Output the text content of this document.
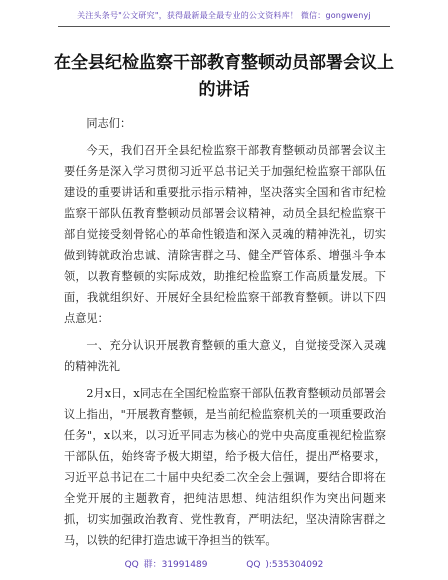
关注头条号"公文研究"，获得最新最全最专业的公文资料库！ 微信：gongwenyj
在全县纪检监察干部教育整顿动员部署会议上
的讲话

同志们：

今天，我们召开全县纪检监察干部教育整顿动员部署会议主要任务是深入学习贯彻习近平总书记关于加强纪检监察干部队伍建设的重要讲话和重要批示指示精神，坚决落实全国和省市纪检监察干部队伍教育整顿动员部署会议精神，动员全县纪检监察干部自觉接受刻骨铭心的革命性锻造和深入灵魂的精神洗礼，切实做到铸就政治忠诚、清除害群之马、健全严管体系、增强斗争本领，以教育整顿的实际成效，助推纪检监察工作高质量发展。下面，我就组织好、开展好全县纪检监察干部教育整顿。讲以下四点意见：

一、充分认识开展教育整顿的重大意义，自觉接受深入灵魂的精神洗礼

2月x日，x同志在全国纪检监察干部队伍教育整顿动员部署会议上指出，"开展教育整顿，是当前纪检监察机关的一项重要政治任务"，x以来，以习近平同志为核心的党中央高度重视纪检监察干部队伍，始终寄予极大期望，给予极大信任，提出严格要求，习近平总书记在二十届中央纪委二次全会上强调，要结合即将在全党开展的主题教育，把纯洁思想、纯洁组织作为突出问题来抓，切实加强政治教育、党性教育，严明法纪，坚决清除害群之马，以铁的纪律打造忠诚干净担当的铁军。

QQ 群：31991489	QQ ):535304092
